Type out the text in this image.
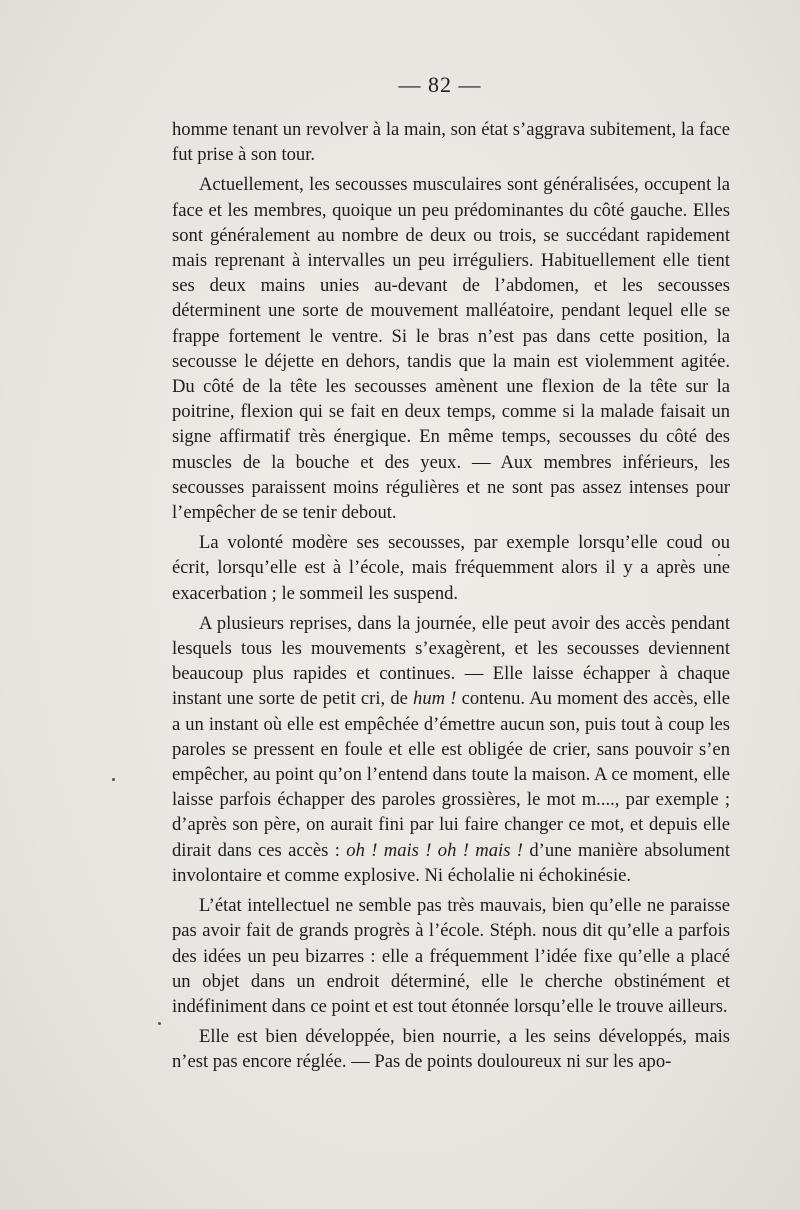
— 82 —

homme tenant un revolver à la main, son état s’aggrava subitement, la face fut prise à son tour.

Actuellement, les secousses musculaires sont généralisées, occupent la face et les membres, quoique un peu prédominantes du côté gauche. Elles sont généralement au nombre de deux ou trois, se succédant rapidement mais reprenant à intervalles un peu irréguliers. Habituellement elle tient ses deux mains unies au-devant de l’abdomen, et les secousses déterminent une sorte de mouvement malléatoire, pendant lequel elle se frappe fortement le ventre. Si le bras n’est pas dans cette position, la secousse le déjette en dehors, tandis que la main est violemment agitée. Du côté de la tête les secousses amènent une flexion de la tête sur la poitrine, flexion qui se fait en deux temps, comme si la malade faisait un signe affirmatif très énergique. En même temps, secousses du côté des muscles de la bouche et des yeux. — Aux membres inférieurs, les secousses paraissent moins régulières et ne sont pas assez intenses pour l’empêcher de se tenir debout.

La volonté modère ses secousses, par exemple lorsqu’elle coud ou écrit, lorsqu’elle est à l’école, mais fréquemment alors il y a après une exacerbation ; le sommeil les suspend.

A plusieurs reprises, dans la journée, elle peut avoir des accès pendant lesquels tous les mouvements s’exagèrent, et les secousses deviennent beaucoup plus rapides et continues. — Elle laisse échapper à chaque instant une sorte de petit cri, de hum ! contenu. Au moment des accès, elle a un instant où elle est empêchée d’émettre aucun son, puis tout à coup les paroles se pressent en foule et elle est obligée de crier, sans pouvoir s’en empêcher, au point qu’on l’entend dans toute la maison. A ce moment, elle laisse parfois échapper des paroles grossières, le mot m...., par exemple ; d’après son père, on aurait fini par lui faire changer ce mot, et depuis elle dirait dans ces accès : oh ! mais ! oh ! mais ! d’une manière absolument involontaire et comme explosive. Ni écholalie ni échokinésie.

L’état intellectuel ne semble pas très mauvais, bien qu’elle ne paraisse pas avoir fait de grands progrès à l’école. Stéph. nous dit qu’elle a parfois des idées un peu bizarres : elle a fréquemment l’idée fixe qu’elle a placé un objet dans un endroit déterminé, elle le cherche obstinément et indéfiniment dans ce point et est tout étonnée lorsqu’elle le trouve ailleurs.

Elle est bien développée, bien nourrie, a les seins développés, mais n’est pas encore réglée. — Pas de points douloureux ni sur les apo-
